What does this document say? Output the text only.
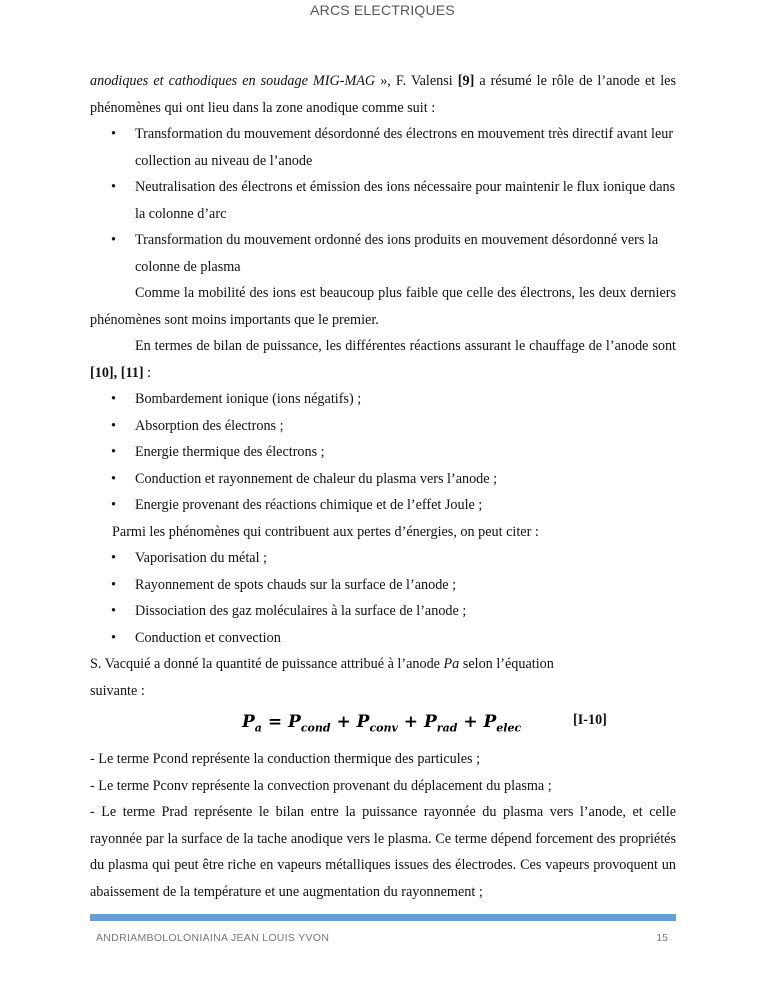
ARCS ELECTRIQUES

anodiques et cathodiques en soudage MIG-MAG », F. Valensi [9] a résumé le rôle de l’anode et les phénomènes qui ont lieu dans la zone anodique comme suit :

• Transformation du mouvement désordonné des électrons en mouvement très directif avant leur collection au niveau de l’anode
• Neutralisation des électrons et émission des ions nécessaire pour maintenir le flux ionique dans la colonne d’arc
• Transformation du mouvement ordonné des ions produits en mouvement désordonné vers la colonne de plasma

Comme la mobilité des ions est beaucoup plus faible que celle des électrons, les deux derniers phénomènes sont moins importants que le premier.

En termes de bilan de puissance, les différentes réactions assurant le chauffage de l’anode sont [10], [11] :

• Bombardement ionique (ions négatifs) ;
• Absorption des électrons ;
• Energie thermique des électrons ;
• Conduction et rayonnement de chaleur du plasma vers l’anode ;
• Energie provenant des réactions chimique et de l’effet Joule ;
Parmi les phénomènes qui contribuent aux pertes d’énergies, on peut citer :
• Vaporisation du métal ;
• Rayonnement de spots chauds sur la surface de l’anode ;
• Dissociation des gaz moléculaires à la surface de l’anode ;
• Conduction et convection

S. Vacquié a donné la quantité de puissance attribué à l’anode Pa selon l’équation
suivante :

$P_a = P_{cond} + P_{conv} + P_{rad} + P_{elec}$	[I-10]

- Le terme Pcond représente la conduction thermique des particules ;

- Le terme Pconv représente la convection provenant du déplacement du plasma ;

- Le terme Prad représente le bilan entre la puissance rayonnée du plasma vers l’anode, et celle rayonnée par la surface de la tache anodique vers le plasma. Ce terme dépend forcement des propriétés du plasma qui peut être riche en vapeurs métalliques issues des électrodes. Ces vapeurs provoquent un abaissement de la température et une augmentation du rayonnement ;

ANDRIAMBOLOLONIAINA JEAN LOUIS YVON	15
